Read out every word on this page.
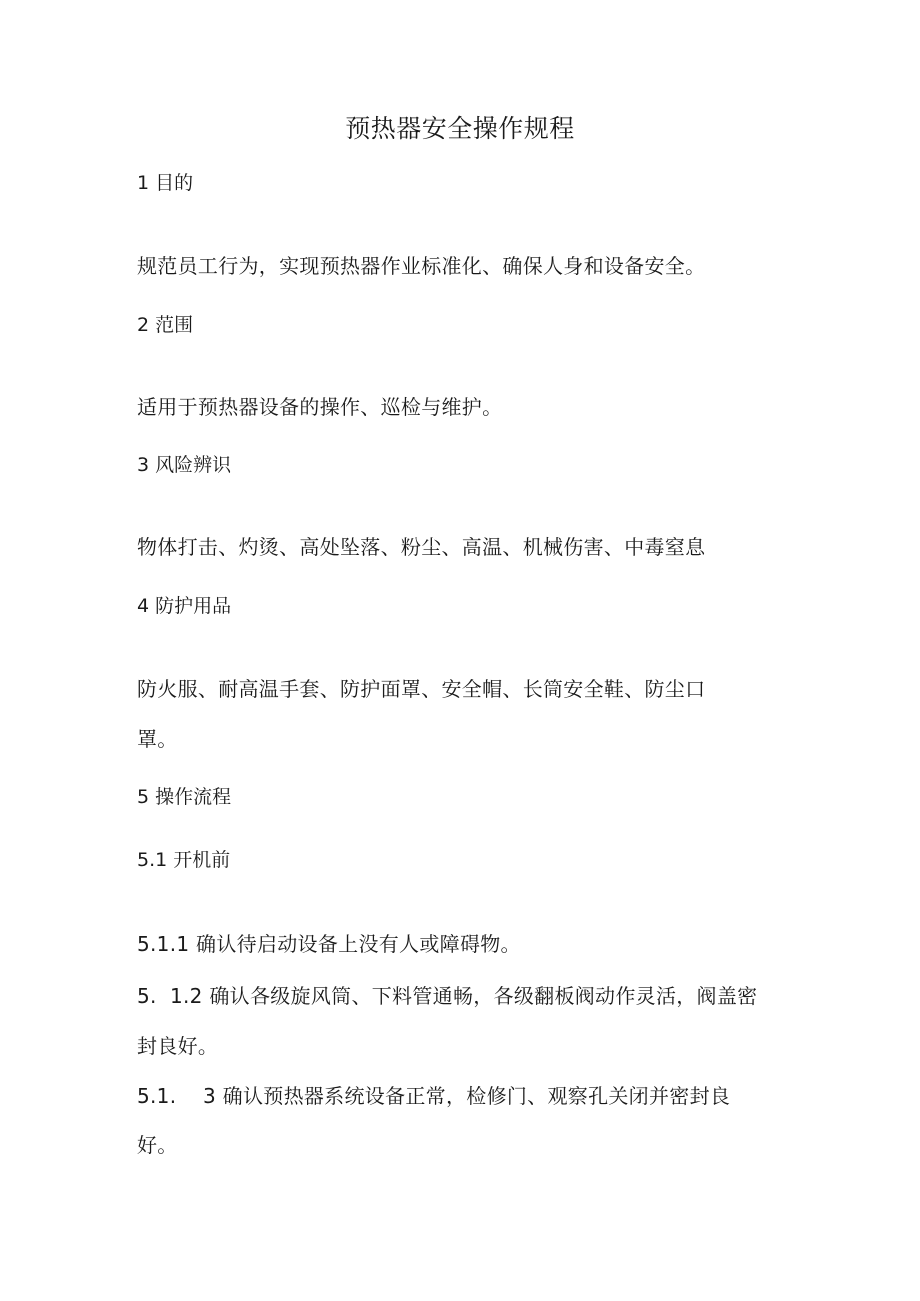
预热器安全操作规程
1 目的
规范员工行为，实现预热器作业标准化、确保人身和设备安全。
2 范围
适用于预热器设备的操作、巡检与维护。
3 风险辨识
物体打击、灼烫、高处坠落、粉尘、高温、机械伤害、中毒窒息
4 防护用品
防火服、耐高温手套、防护面罩、安全帽、长筒安全鞋、防尘口
罩。
5 操作流程
5.1 开机前
5.1.1 确认待启动设备上没有人或障碍物。
5.  1.2 确认各级旋风筒、下料管通畅，各级翻板阀动作灵活，阀盖密
封良好。
5.1.    3 确认预热器系统设备正常，检修门、观察孔关闭并密封良
好。
